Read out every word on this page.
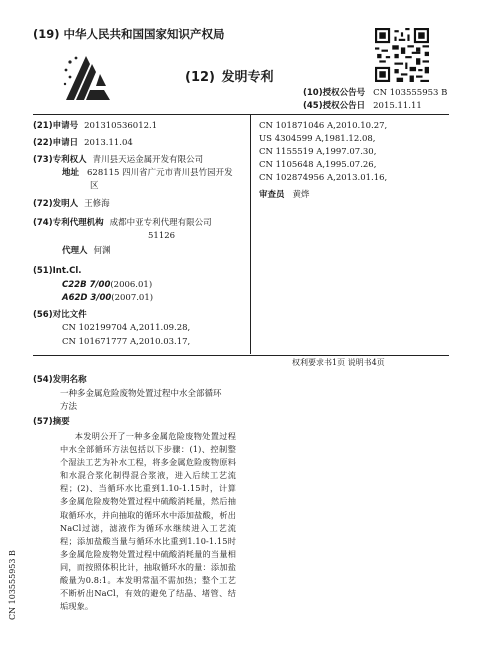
(19) 中华人民共和国国家知识产权局
(12) 发明专利
(10)授权公告号 CN 103555953 B
(45)授权公告日 2015.11.11
(21)申请号 201310536012.1
(22)申请日 2013.11.04
(73)专利权人 青川县天运金属开发有限公司
地址 628115 四川省广元市青川县竹园开发
区
(72)发明人 王修海
(74)专利代理机构 成都中亚专利代理有限公司
51126
代理人 何渊
(51)Int.Cl.
C22B 7/00(2006.01)
A62D 3/00(2007.01)
(56)对比文件
CN 102199704 A,2011.09.28,
CN 101671777 A,2010.03.17,
CN 101871046 A,2010.10.27,
US 4304599 A,1981.12.08,
CN 1155519 A,1997.07.30,
CN 1105648 A,1995.07.26,
CN 102874956 A,2013.01.16,
审查员 黄烨
权利要求书1页 说明书4页
(54)发明名称
一种多金属危险废物处置过程中水全部循环
方法
(57)摘要
本发明公开了一种多金属危险废物处置过程中水全部循环方法包括以下步骤：(1)、控制整个湿法工艺为补水工程，将多金属危险废物原料和水混合浆化制得混合浆液，进入后续工艺流程；(2)、当循环水比重到1.10-1.15时，计算多金属危险废物处置过程中硫酸消耗量，然后抽取循环水，并向抽取的循环水中添加盐酸，析出NaCl过滤，滤液作为循环水继续进入工艺流程；添加盐酸当量与循环水比重到1.10-1.15时多金属危险废物处置过程中硫酸消耗量的当量相同，而按照体积比计，抽取循环水的量：添加盐酸量为0.8:1。本发明常温不需加热；整个工艺不断析出NaCl，有效的避免了结晶、堵管、结垢现象。
CN 103555953 B
